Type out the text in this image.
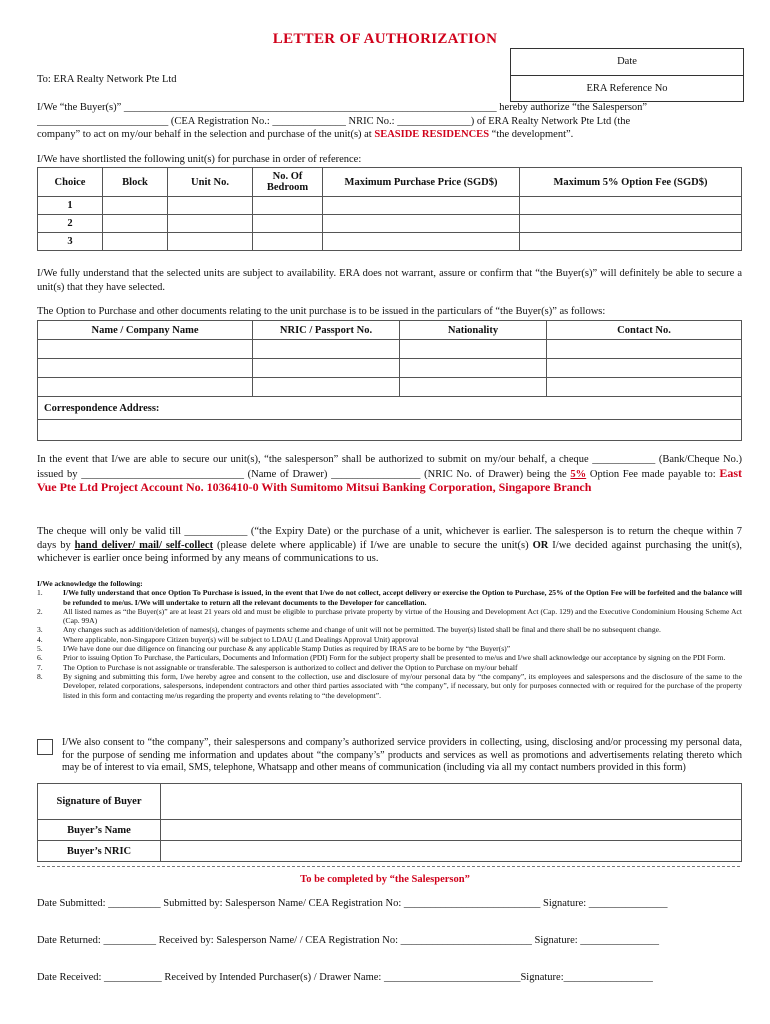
LETTER OF AUTHORIZATION
Date
ERA Reference No
To: ERA Realty Network Pte Ltd
I/We “the Buyer(s)” _______________________________________________________________________ hereby authorize “the Salesperson”
_________________________ (CEA Registration No.: ______________ NRIC No.: ______________) of ERA Realty Network Pte Ltd (the
company” to act on my/our behalf in the selection and purchase of the unit(s) at SEASIDE RESIDENCES “the development”.
I/We have shortlisted the following unit(s) for purchase in order of reference:
Choice	Block	Unit No.	No. Of Bedroom	Maximum Purchase Price (SGD$)	Maximum 5% Option Fee (SGD$)
1					
2					
3					
I/We fully understand that the selected units are subject to availability. ERA does not warrant, assure or confirm that “the Buyer(s)” will definitely be able to secure a unit(s) that they have selected.
The Option to Purchase and other documents relating to the unit purchase is to be issued in the particulars of “the Buyer(s)” as follows:
Name / Company Name	NRIC / Passport No.	Nationality	Contact No.

Correspondence Address:			

In the event that I/we are able to secure our unit(s), “the salesperson” shall be authorized to submit on my/our behalf, a cheque ____________ (Bank/Cheque No.) issued by _______________________________ (Name of Drawer) _________________ (NRIC No. of Drawer) being the 5% Option Fee made payable to: East Vue Pte Ltd Project Account No. 1036410-0 With Sumitomo Mitsui Banking Corporation, Singapore Branch
The cheque will only be valid till ____________ (“the Expiry Date) or the purchase of a unit, whichever is earlier. The salesperson is to return the cheque within 7 days by hand deliver/ mail/ self-collect (please delete where applicable) if I/we are unable to secure the unit(s) OR I/we decided against purchasing the unit(s), whichever is earlier once being informed by any means of communications to us.
I/We acknowledge the following:
1.	I/We fully understand that once Option To Purchase is issued, in the event that I/we do not collect, accept delivery or exercise the Option to Purchase, 25% of the Option Fee will be forfeited and the balance will be refunded to me/us. I/We will undertake to return all the relevant documents to the Developer for cancellation.
2.	All listed names as “the Buyer(s)” are at least 21 years old and must be eligible to purchase private property by virtue of the Housing and Development Act (Cap. 129) and the Executive Condominium Housing Scheme Act (Cap. 99A)
3.	Any changes such as addition/deletion of names(s), changes of payments scheme and change of unit will not be permitted. The buyer(s) listed shall be final and there shall be no subsequent change.
4.	Where applicable, non-Singapore Citizen buyer(s) will be subject to LDAU (Land Dealings Approval Unit) approval
5.	I/We have done our due diligence on financing our purchase & any applicable Stamp Duties as required by IRAS are to be borne by “the Buyer(s)”
6.	Prior to issuing Option To Purchase, the Particulars, Documents and Information (PDI) Form for the subject property shall be presented to me/us and I/we shall acknowledge our acceptance by signing on the PDI Form.
7.	The Option to Purchase is not assignable or transferable. The salesperson is authorized to collect and deliver the Option to Purchase on my/our behalf
8.	By signing and submitting this form, I/we hereby agree and consent to the collection, use and disclosure of my/our personal data by “the company”, its employees and salespersons and the disclosure of the same to the Developer, related corporations, salespersons, independent contractors and other third parties associated with “the company”, if necessary, but only for purposes connected with or required for the purchase of the property listed in this form and contacting me/us regarding the property and events relating to “the development”.
I/We also consent to “the company”, their salespersons and company’s authorized service providers in collecting, using, disclosing and/or processing my personal data, for the purpose of sending me information and updates about “the company’s” products and services as well as promotions and advertisements relating thereto which may be of interest to via email, SMS, telephone, Whatsapp and other means of communication (including via all my contact numbers provided in this form)
Signature of Buyer	
Buyer’s Name	
Buyer’s NRIC	
To be completed by “the Salesperson”
Date Submitted: __________ Submitted by: Salesperson Name/ CEA Registration No: __________________________ Signature: _______________
Date Returned: __________ Received by: Salesperson Name/ / CEA Registration No: _________________________ Signature: _______________
Date Received: ___________ Received by Intended Purchaser(s) / Drawer Name: __________________________Signature:_________________
